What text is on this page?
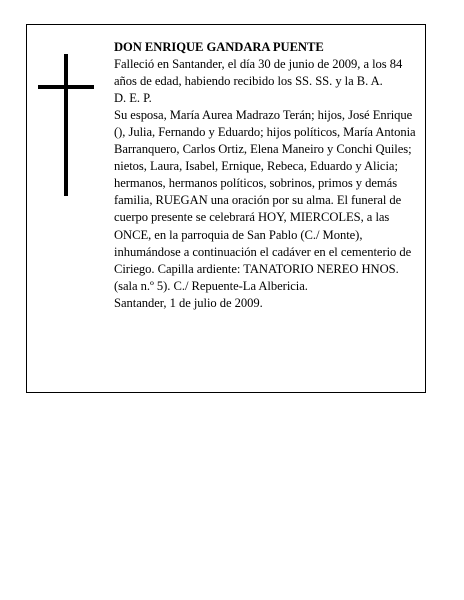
DON ENRIQUE GANDARA PUENTE

Falleció en Santander, el día 30 de junio de 2009, a los 84 años de edad, habiendo recibido los SS. SS. y la B. A.

D. E. P.

Su esposa, María Aurea Madrazo Terán; hijos, José Enrique (), Julia, Fernando y Eduardo; hijos políticos, María Antonia Barranquero, Carlos Ortiz, Elena Maneiro y Conchi Quiles; nietos, Laura, Isabel, Ernique, Rebeca, Eduardo y Alicia; hermanos, hermanos políticos, sobrinos, primos y demás familia, RUEGAN una oración por su alma. El funeral de cuerpo presente se celebrará HOY, MIERCOLES, a las ONCE, en la parroquia de San Pablo (C./ Monte), inhumándose a continuación el cadáver en el cementerio de Ciriego. Capilla ardiente: TANATORIO NEREO HNOS. (sala n.º 5). C./ Repuente-La Albericia.

Santander, 1 de julio de 2009.
